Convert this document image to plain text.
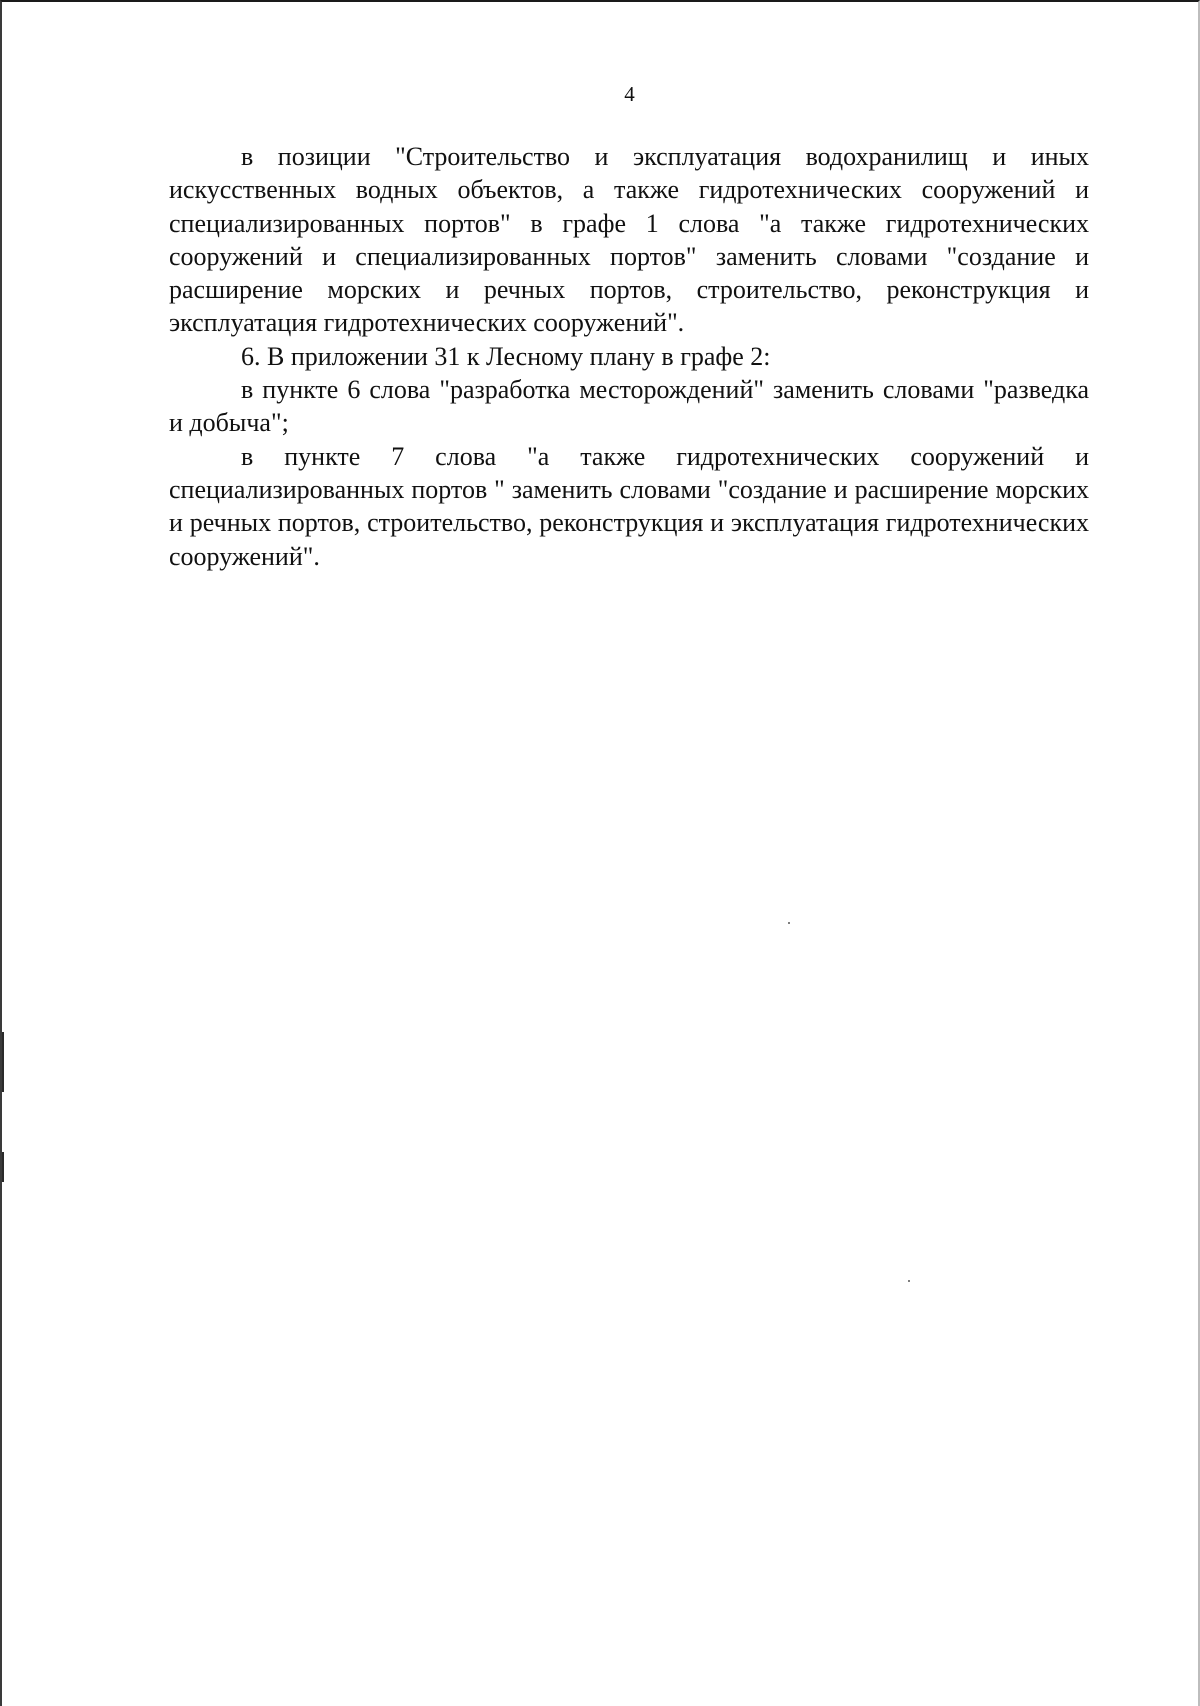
4

в позиции "Строительство и эксплуатация водохранилищ и иных искусственных водных объектов, а также гидротехнических сооружений и специализированных портов" в графе 1 слова "а также гидротехнических сооружений и специализированных портов" заменить словами "создание и расширение морских и речных портов, строительство, реконструкция и эксплуатация гидротехнических сооружений".

6. В приложении 31 к Лесному плану в графе 2:

в пункте 6 слова "разработка месторождений" заменить словами "разведка и добыча";

в пункте 7 слова "а также гидротехнических сооружений и специализированных портов " заменить словами "создание и расширение морских и речных портов, строительство, реконструкция и эксплуатация гидротехнических сооружений".
